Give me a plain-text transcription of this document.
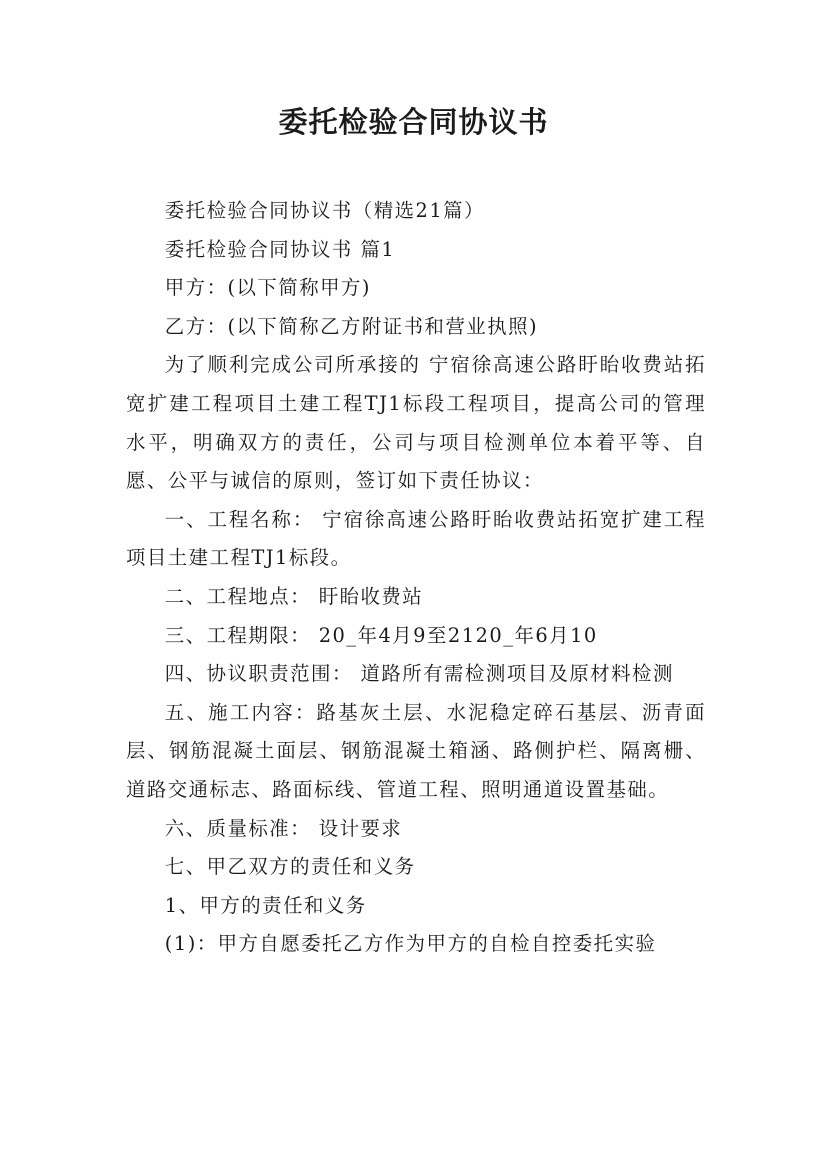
委托检验合同协议书

委托检验合同协议书（精选21篇）

委托检验合同协议书 篇1

甲方：(以下简称甲方)

乙方：(以下简称乙方附证书和营业执照)

为了顺利完成公司所承接的 宁宿徐高速公路盱眙收费站拓宽扩建工程项目土建工程TJ1标段工程项目，提高公司的管理水平，明确双方的责任，公司与项目检测单位本着平等、自愿、公平与诚信的原则，签订如下责任协议：

一、工程名称： 宁宿徐高速公路盱眙收费站拓宽扩建工程项目土建工程TJ1标段。

二、工程地点： 盱眙收费站

三、工程期限： 20_年4月9至2120_年6月10

四、协议职责范围： 道路所有需检测项目及原材料检测

五、施工内容：路基灰土层、水泥稳定碎石基层、沥青面层、钢筋混凝土面层、钢筋混凝土箱涵、路侧护栏、隔离栅、道路交通标志、路面标线、管道工程、照明通道设置基础。

六、质量标准： 设计要求

七、甲乙双方的责任和义务

1、甲方的责任和义务

(1)：甲方自愿委托乙方作为甲方的自检自控委托实验
